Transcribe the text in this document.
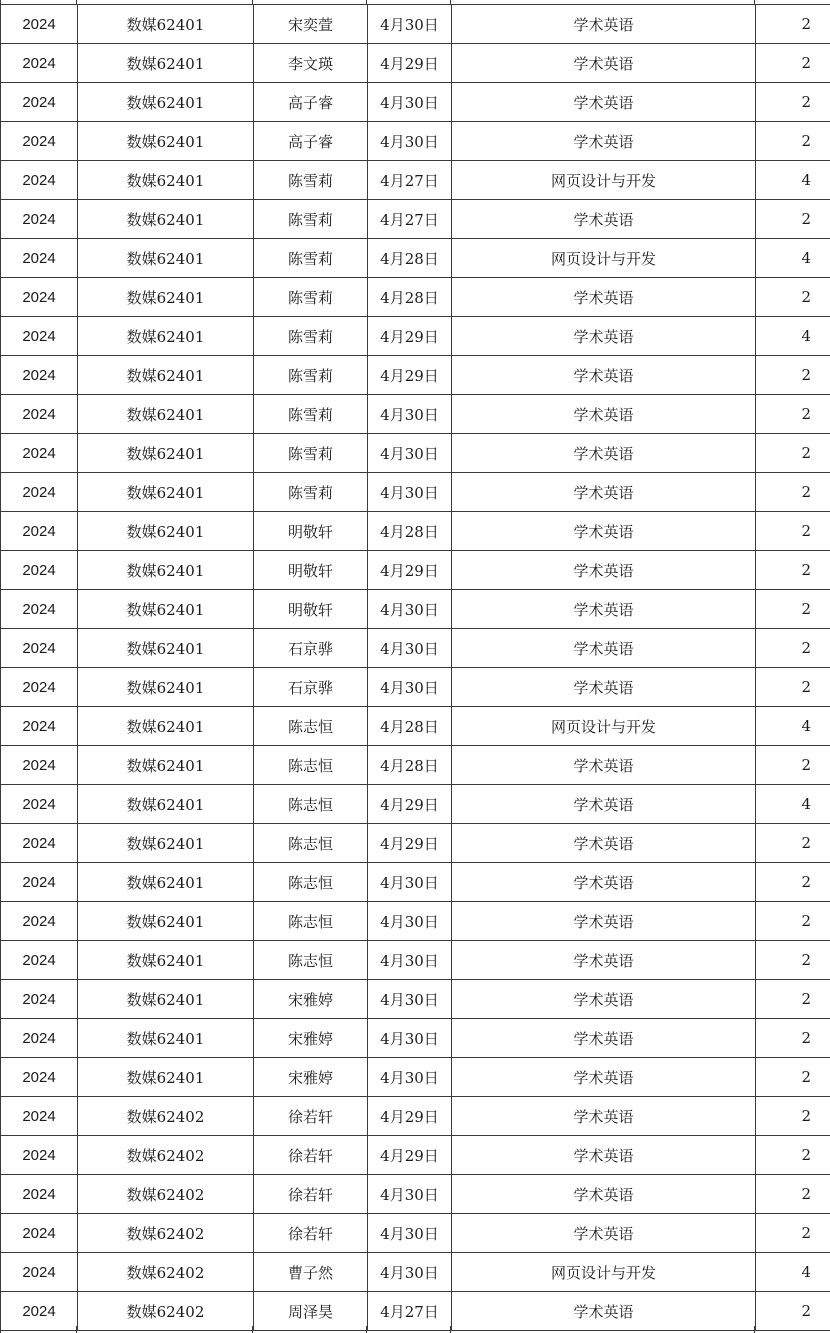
2024	数媒62401	宋奕萱	4月30日	学术英语	2
2024	数媒62401	李文瑛	4月29日	学术英语	2
2024	数媒62401	高子睿	4月30日	学术英语	2
2024	数媒62401	高子睿	4月30日	学术英语	2
2024	数媒62401	陈雪莉	4月27日	网页设计与开发	4
2024	数媒62401	陈雪莉	4月27日	学术英语	2
2024	数媒62401	陈雪莉	4月28日	网页设计与开发	4
2024	数媒62401	陈雪莉	4月28日	学术英语	2
2024	数媒62401	陈雪莉	4月29日	学术英语	4
2024	数媒62401	陈雪莉	4月29日	学术英语	2
2024	数媒62401	陈雪莉	4月30日	学术英语	2
2024	数媒62401	陈雪莉	4月30日	学术英语	2
2024	数媒62401	陈雪莉	4月30日	学术英语	2
2024	数媒62401	明敬轩	4月28日	学术英语	2
2024	数媒62401	明敬轩	4月29日	学术英语	2
2024	数媒62401	明敬轩	4月30日	学术英语	2
2024	数媒62401	石京骅	4月30日	学术英语	2
2024	数媒62401	石京骅	4月30日	学术英语	2
2024	数媒62401	陈志恒	4月28日	网页设计与开发	4
2024	数媒62401	陈志恒	4月28日	学术英语	2
2024	数媒62401	陈志恒	4月29日	学术英语	4
2024	数媒62401	陈志恒	4月29日	学术英语	2
2024	数媒62401	陈志恒	4月30日	学术英语	2
2024	数媒62401	陈志恒	4月30日	学术英语	2
2024	数媒62401	陈志恒	4月30日	学术英语	2
2024	数媒62401	宋雅婷	4月30日	学术英语	2
2024	数媒62401	宋雅婷	4月30日	学术英语	2
2024	数媒62401	宋雅婷	4月30日	学术英语	2
2024	数媒62402	徐若轩	4月29日	学术英语	2
2024	数媒62402	徐若轩	4月29日	学术英语	2
2024	数媒62402	徐若轩	4月30日	学术英语	2
2024	数媒62402	徐若轩	4月30日	学术英语	2
2024	数媒62402	曹子然	4月30日	网页设计与开发	4
2024	数媒62402	周泽昊	4月27日	学术英语	2
